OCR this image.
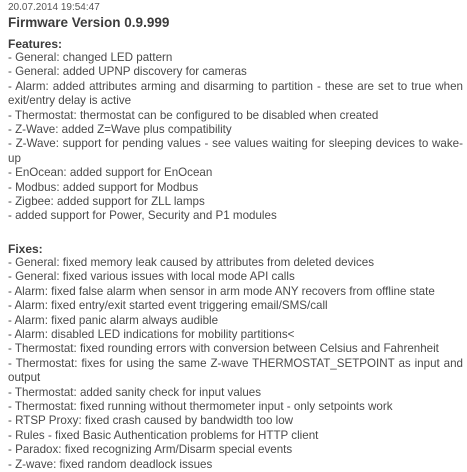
20.07.2014 19:54:47

Firmware Version 0.9.999
Features:
- General: changed LED pattern
- General: added UPNP discovery for cameras
- Alarm: added attributes arming and disarming to partition - these are set to true when exit/entry delay is active
- Thermostat: thermostat can be configured to be disabled when created
- Z-Wave: added Z=Wave plus compatibility
- Z-Wave: support for pending values - see values waiting for sleeping devices to wake-up
- EnOcean: added support for EnOcean
- Modbus: added support for Modbus
- Zigbee: added support for ZLL lamps
- added support for Power, Security and P1 modules
Fixes:
- General: fixed memory leak caused by attributes from deleted devices
- General: fixed various issues with local mode API calls
- Alarm: fixed false alarm when sensor in arm mode ANY recovers from offline state
- Alarm: fixed entry/exit started event triggering email/SMS/call
- Alarm: fixed panic alarm always audible
- Alarm: disabled LED indications for mobility partitions<
- Thermostat: fixed rounding errors with conversion between Celsius and Fahrenheit
- Thermostat: fixes for using the same Z-wave THERMOSTAT_SETPOINT as input and output
- Thermostat: added sanity check for input values
- Thermostat: fixed running without thermometer input - only setpoints work
- RTSP Proxy: fixed crash caused by bandwidth too low
- Rules - fixed Basic Authentication problems for HTTP client
- Paradox: fixed recognizing Arm/Disarm special events
- Z-wave: fixed random deadlock issues
